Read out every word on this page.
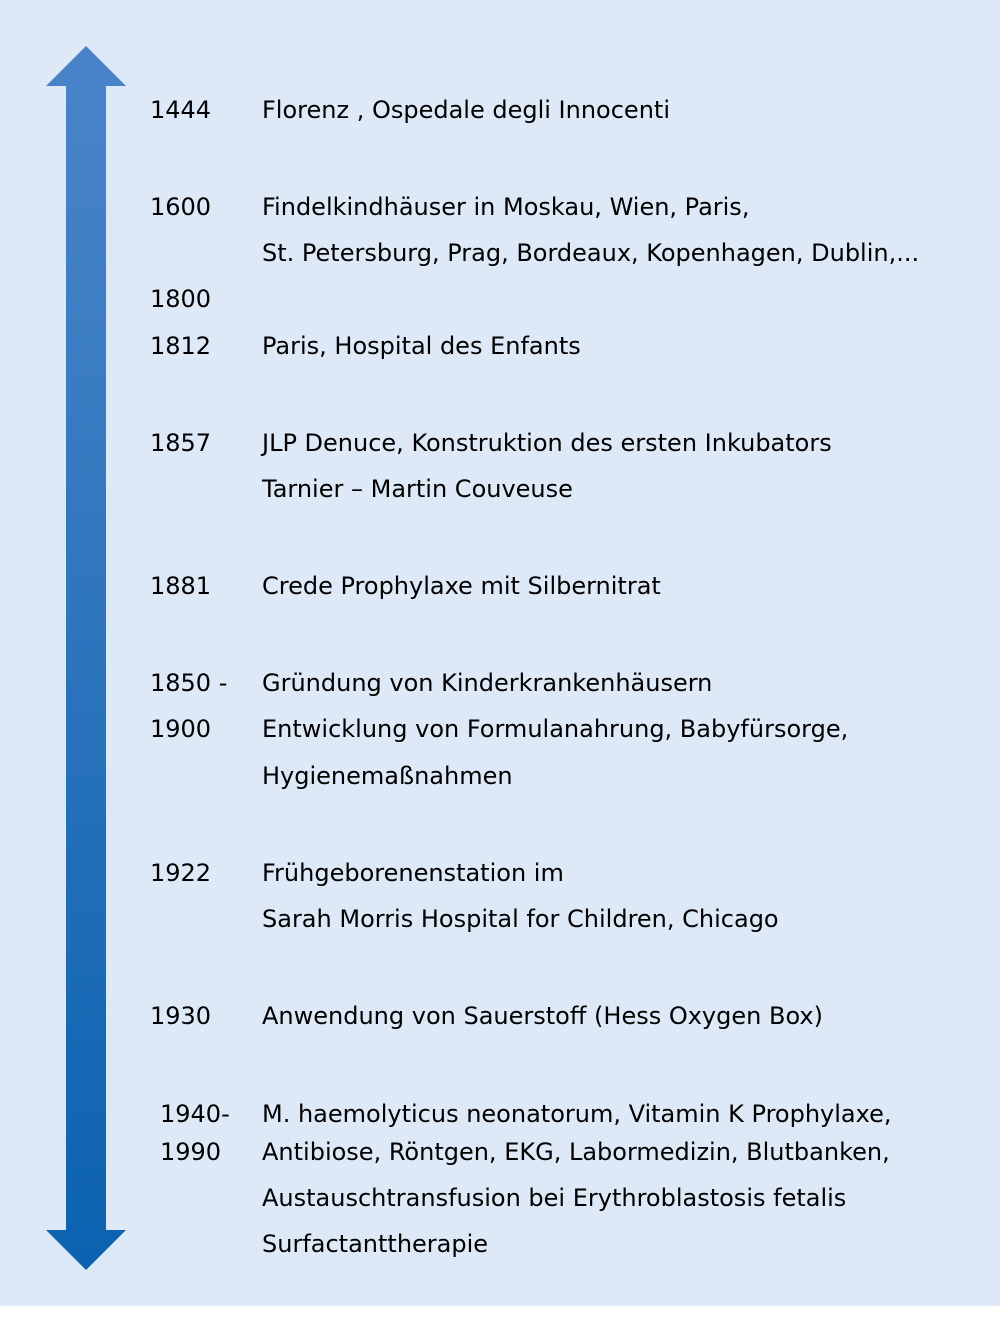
1444 Florenz , Ospedale degli Innocenti
1600 Findelkindhäuser in Moskau, Wien, Paris,
St. Petersburg, Prag, Bordeaux, Kopenhagen, Dublin,...
1800
1812 Paris, Hospital des Enfants
1857 JLP Denuce, Konstruktion des ersten Inkubators
Tarnier – Martin Couveuse
1881 Crede Prophylaxe mit Silbernitrat
1850 - Gründung von Kinderkrankenhäusern
1900 Entwicklung von Formulanahrung, Babyfürsorge,
Hygienemaßnahmen
1922 Frühgeborenenstation im
Sarah Morris Hospital for Children, Chicago
1930 Anwendung von Sauerstoff (Hess Oxygen Box)
1940- M. haemolyticus neonatorum, Vitamin K Prophylaxe,
1990 Antibiose, Röntgen, EKG, Labormedizin, Blutbanken,
Austauschtransfusion bei Erythroblastosis fetalis
Surfactanttherapie
